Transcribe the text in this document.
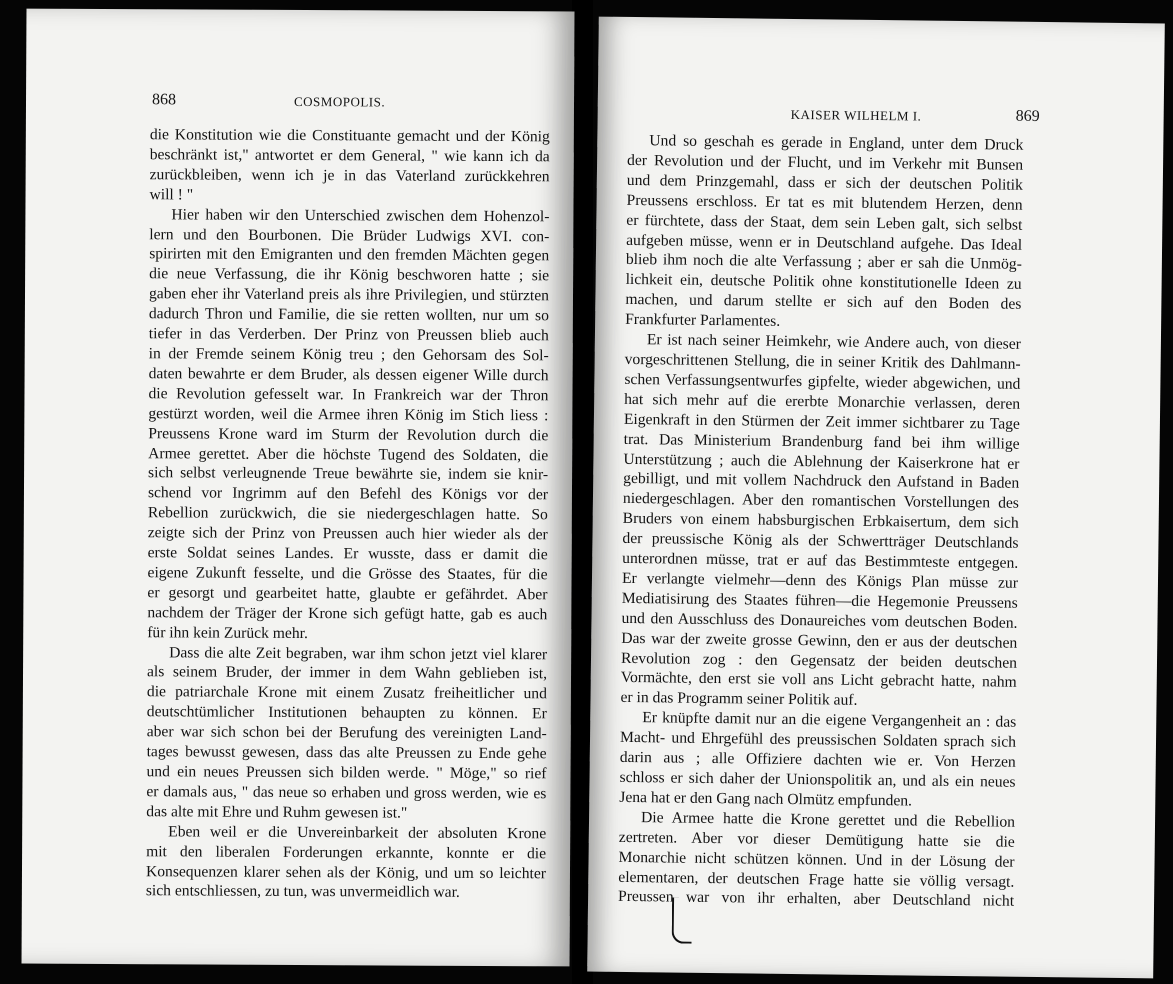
868	COSMOPOLIS.
die Konstitution wie die Constituante gemacht und der König
beschränkt ist," antwortet er dem General, " wie kann ich da
zurückbleiben, wenn ich je in das Vaterland zurückkehren
will ! "
Hier haben wir den Unterschied zwischen dem Hohenzol-
lern und den Bourbonen. Die Brüder Ludwigs XVI. con-
spirirten mit den Emigranten und den fremden Mächten gegen
die neue Verfassung, die ihr König beschworen hatte ; sie
gaben eher ihr Vaterland preis als ihre Privilegien, und stürzten
dadurch Thron und Familie, die sie retten wollten, nur um so
tiefer in das Verderben. Der Prinz von Preussen blieb auch
in der Fremde seinem König treu ; den Gehorsam des Sol-
daten bewahrte er dem Bruder, als dessen eigener Wille durch
die Revolution gefesselt war. In Frankreich war der Thron
gestürzt worden, weil die Armee ihren König im Stich liess :
Preussens Krone ward im Sturm der Revolution durch die
Armee gerettet. Aber die höchste Tugend des Soldaten, die
sich selbst verleugnende Treue bewährte sie, indem sie knir-
schend vor Ingrimm auf den Befehl des Königs vor der
Rebellion zurückwich, die sie niedergeschlagen hatte. So
zeigte sich der Prinz von Preussen auch hier wieder als der
erste Soldat seines Landes. Er wusste, dass er damit die
eigene Zukunft fesselte, und die Grösse des Staates, für die
er gesorgt und gearbeitet hatte, glaubte er gefährdet. Aber
nachdem der Träger der Krone sich gefügt hatte, gab es auch
für ihn kein Zurück mehr.
Dass die alte Zeit begraben, war ihm schon jetzt viel klarer
als seinem Bruder, der immer in dem Wahn geblieben ist,
die patriarchale Krone mit einem Zusatz freiheitlicher und
deutschtümlicher Institutionen behaupten zu können. Er
aber war sich schon bei der Berufung des vereinigten Land-
tages bewusst gewesen, dass das alte Preussen zu Ende gehe
und ein neues Preussen sich bilden werde. " Möge," so rief
er damals aus, " das neue so erhaben und gross werden, wie es
das alte mit Ehre und Ruhm gewesen ist."
Eben weil er die Unvereinbarkeit der absoluten Krone
mit den liberalen Forderungen erkannte, konnte er die
Konsequenzen klarer sehen als der König, und um so leichter
sich entschliessen, zu tun, was unvermeidlich war.
KAISER WILHELM I.	869
Und so geschah es gerade in England, unter dem Druck
der Revolution und der Flucht, und im Verkehr mit Bunsen
und dem Prinzgemahl, dass er sich der deutschen Politik
Preussens erschloss. Er tat es mit blutendem Herzen, denn
er fürchtete, dass der Staat, dem sein Leben galt, sich selbst
aufgeben müsse, wenn er in Deutschland aufgehe. Das Ideal
blieb ihm noch die alte Verfassung ; aber er sah die Unmög-
lichkeit ein, deutsche Politik ohne konstitutionelle Ideen zu
machen, und darum stellte er sich auf den Boden des
Frankfurter Parlamentes.
Er ist nach seiner Heimkehr, wie Andere auch, von dieser
vorgeschrittenen Stellung, die in seiner Kritik des Dahlmann-
schen Verfassungsentwurfes gipfelte, wieder abgewichen, und
hat sich mehr auf die ererbte Monarchie verlassen, deren
Eigenkraft in den Stürmen der Zeit immer sichtbarer zu Tage
trat. Das Ministerium Brandenburg fand bei ihm willige
Unterstützung ; auch die Ablehnung der Kaiserkrone hat er
gebilligt, und mit vollem Nachdruck den Aufstand in Baden
niedergeschlagen. Aber den romantischen Vorstellungen des
Bruders von einem habsburgischen Erbkaisertum, dem sich
der preussische König als der Schwertträger Deutschlands
unterordnen müsse, trat er auf das Bestimmteste entgegen.
Er verlangte vielmehr—denn des Königs Plan müsse zur
Mediatisirung des Staates führen—die Hegemonie Preussens
und den Ausschluss des Donaureiches vom deutschen Boden.
Das war der zweite grosse Gewinn, den er aus der deutschen
Revolution zog : den Gegensatz der beiden deutschen
Vormächte, den erst sie voll ans Licht gebracht hatte, nahm
er in das Programm seiner Politik auf.
Er knüpfte damit nur an die eigene Vergangenheit an : das
Macht- und Ehrgefühl des preussischen Soldaten sprach sich
darin aus ; alle Offiziere dachten wie er. Von Herzen
schloss er sich daher der Unionspolitik an, und als ein neues
Jena hat er den Gang nach Olmütz empfunden.
Die Armee hatte die Krone gerettet und die Rebellion
zertreten. Aber vor dieser Demütigung hatte sie die
Monarchie nicht schützen können. Und in der Lösung der
elementaren, der deutschen Frage hatte sie völlig versagt.
Preussen war von ihr erhalten, aber Deutschland nicht
